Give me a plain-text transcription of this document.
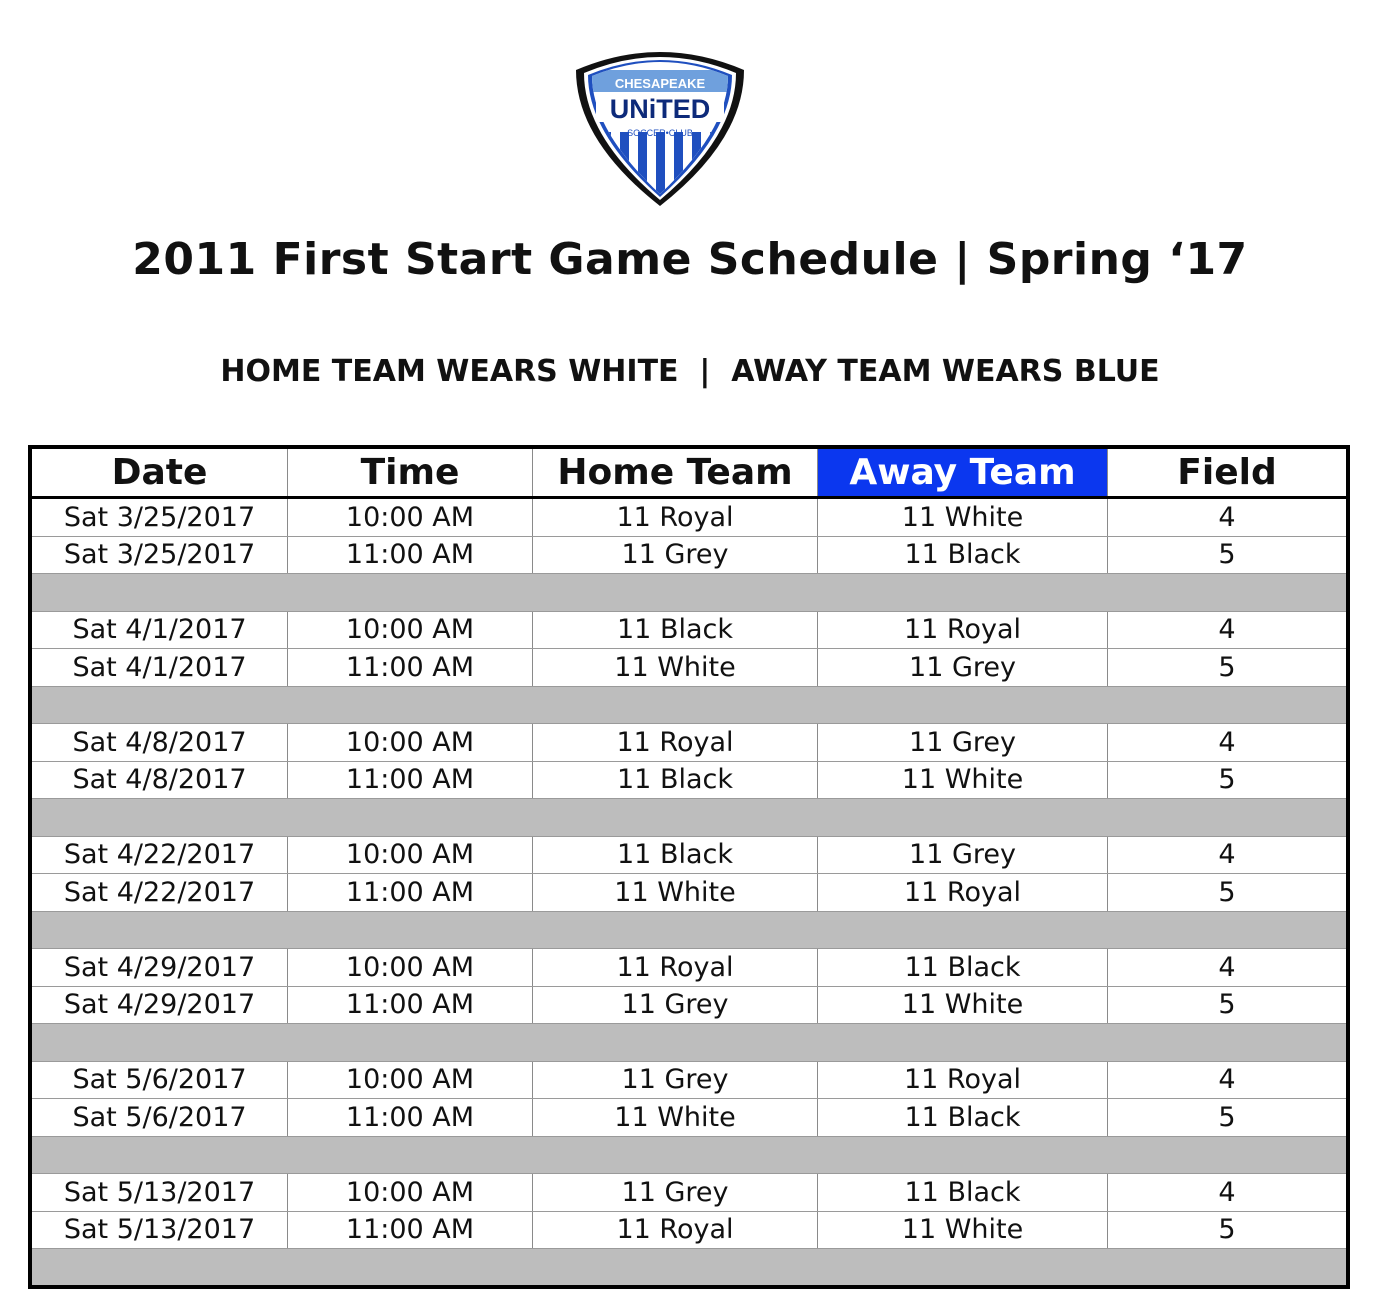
CHESAPEAKE
UNiTED
SOCCER•CLUB
2011 First Start Game Schedule | Spring ‘17
HOME TEAM WEARS WHITE  |  AWAY TEAM WEARS BLUE
Date	Time	Home Team	Away Team	Field
Sat 3/25/2017	10:00 AM	11 Royal	11 White	4
Sat 3/25/2017	11:00 AM	11 Grey	11 Black	5
Sat 4/1/2017	10:00 AM	11 Black	11 Royal	4
Sat 4/1/2017	11:00 AM	11 White	11 Grey	5
Sat 4/8/2017	10:00 AM	11 Royal	11 Grey	4
Sat 4/8/2017	11:00 AM	11 Black	11 White	5
Sat 4/22/2017	10:00 AM	11 Black	11 Grey	4
Sat 4/22/2017	11:00 AM	11 White	11 Royal	5
Sat 4/29/2017	10:00 AM	11 Royal	11 Black	4
Sat 4/29/2017	11:00 AM	11 Grey	11 White	5
Sat 5/6/2017	10:00 AM	11 Grey	11 Royal	4
Sat 5/6/2017	11:00 AM	11 White	11 Black	5
Sat 5/13/2017	10:00 AM	11 Grey	11 Black	4
Sat 5/13/2017	11:00 AM	11 Royal	11 White	5
